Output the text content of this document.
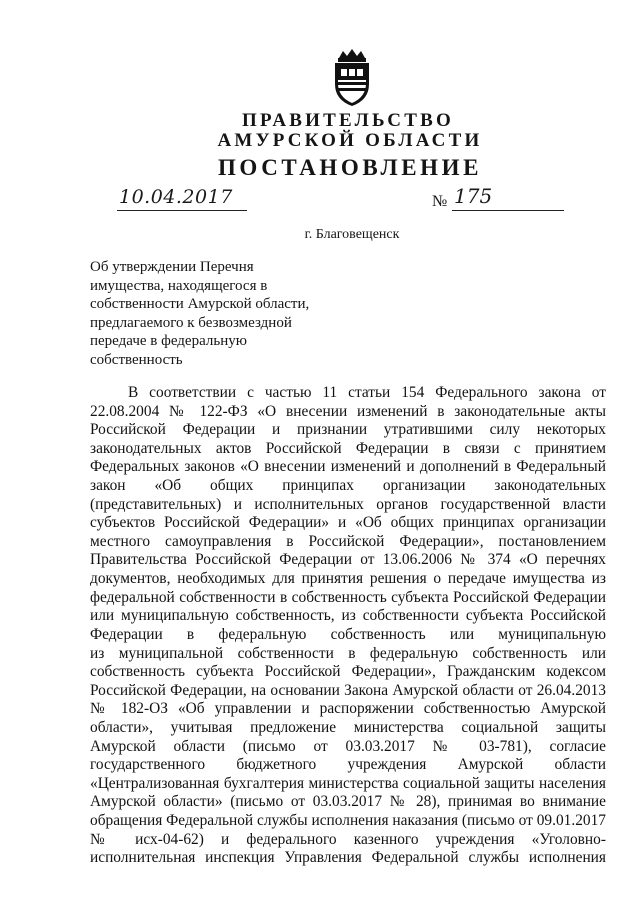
ПРАВИТЕЛЬСТВО
АМУРСКОЙ ОБЛАСТИ
ПОСТАНОВЛЕНИЕ
10.04.2017	№ 175
г. Благовещенск
Об утверждении Перечня
имущества, находящегося в
собственности Амурской области,
предлагаемого к безвозмездной
передаче в федеральную
собственность
В соответствии с частью 11 статьи 154 Федерального закона от
22.08.2004 № 122-ФЗ «О внесении изменений в законодательные акты
Российской Федерации и признании утратившими силу некоторых
законодательных актов Российской Федерации в связи с принятием
Федеральных законов «О внесении изменений и дополнений в Федеральный
закон «Об общих принципах организации законодательных
(представительных) и исполнительных органов государственной власти
субъектов Российской Федерации» и «Об общих принципах организации
местного самоуправления в Российской Федерации», постановлением
Правительства Российской Федерации от 13.06.2006 № 374 «О перечнях
документов, необходимых для принятия решения о передаче имущества из
федеральной собственности в собственность субъекта Российской Федерации
или муниципальную собственность, из собственности субъекта Российской
Федерации в федеральную собственность или муниципальную
из муниципальной собственности в федеральную собственность или
собственность субъекта Российской Федерации», Гражданским кодексом
Российской Федерации, на основании Закона Амурской области от 26.04.2013
№ 182-ОЗ «Об управлении и распоряжении собственностью Амурской
области», учитывая предложение министерства социальной защиты
Амурской области (письмо от 03.03.2017 № 03-781), согласие
государственного бюджетного учреждения Амурской области
«Централизованная бухгалтерия министерства социальной защиты населения
Амурской области» (письмо от 03.03.2017 № 28), принимая во внимание
обращения Федеральной службы исполнения наказания (письмо от 09.01.2017
№ исх-04-62) и федерального казенного учреждения «Уголовно-
исполнительная инспекция Управления Федеральной службы исполнения
